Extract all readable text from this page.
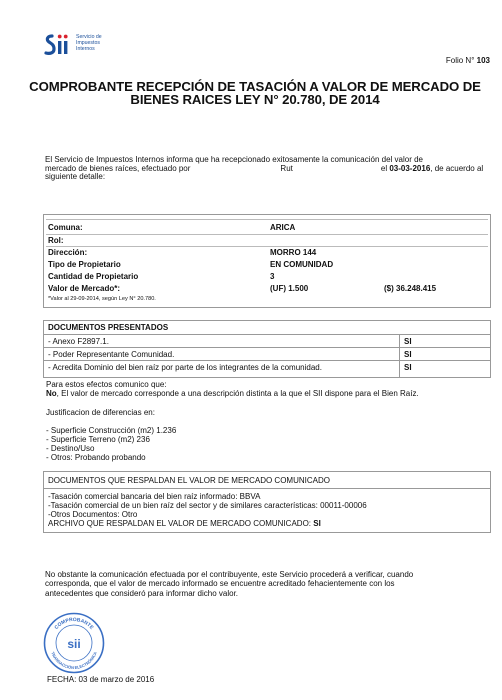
Servicio de
Impuestos
Internos
Folio N° 103
COMPROBANTE RECEPCIÓN DE TASACIÓN A VALOR DE MERCADO DE
BIENES RAICES LEY N° 20.780, DE 2014
El Servicio de Impuestos Internos informa que ha recepcionado exitosamente la comunicación del valor de
mercado de bienes raíces, efectuado por	Rut	el 03-03-2016, de acuerdo al
siguiente detalle:
Comuna:	ARICA
Rol:
Dirección:	MORRO 144
Tipo de Propietario	EN COMUNIDAD
Cantidad de Propietario	3
Valor de Mercado*:	(UF) 1.500	($) 36.248.415
*Valor al 29-09-2014, según Ley N° 20.780.
DOCUMENTOS PRESENTADOS
- Anexo F2897.1.	SI
- Poder Representante Comunidad.	SI
- Acredita Dominio del bien raíz por parte de los integrantes de la comunidad.	SI
Para estos efectos comunico que:
No, El valor de mercado corresponde a una descripción distinta a la que el SII dispone para el Bien Raíz.
Justificacion de diferencias en:
- Superficie Construcción (m2) 1.236
- Superficie Terreno (m2) 236
- Destino/Uso
- Otros: Probando probando
DOCUMENTOS QUE RESPALDAN EL VALOR DE MERCADO COMUNICADO
-Tasación comercial bancaria del bien raíz informado: BBVA
-Tasación comercial de un bien raíz del sector y de similares características: 00011-00006
-Otros Documentos: Otro
ARCHIVO QUE RESPALDAN EL VALOR DE MERCADO COMUNICADO: SI
No obstante la comunicación efectuada por el contribuyente, este Servicio procederá a verificar, cuando
corresponda, que el valor de mercado informado se encuentre acreditado fehacientemente con los
antecedentes que consideró para informar dicho valor.
COMPROBANTE
TRANSACCIÓN ELECTRÓNICA
sii
FECHA: 03 de marzo de 2016
